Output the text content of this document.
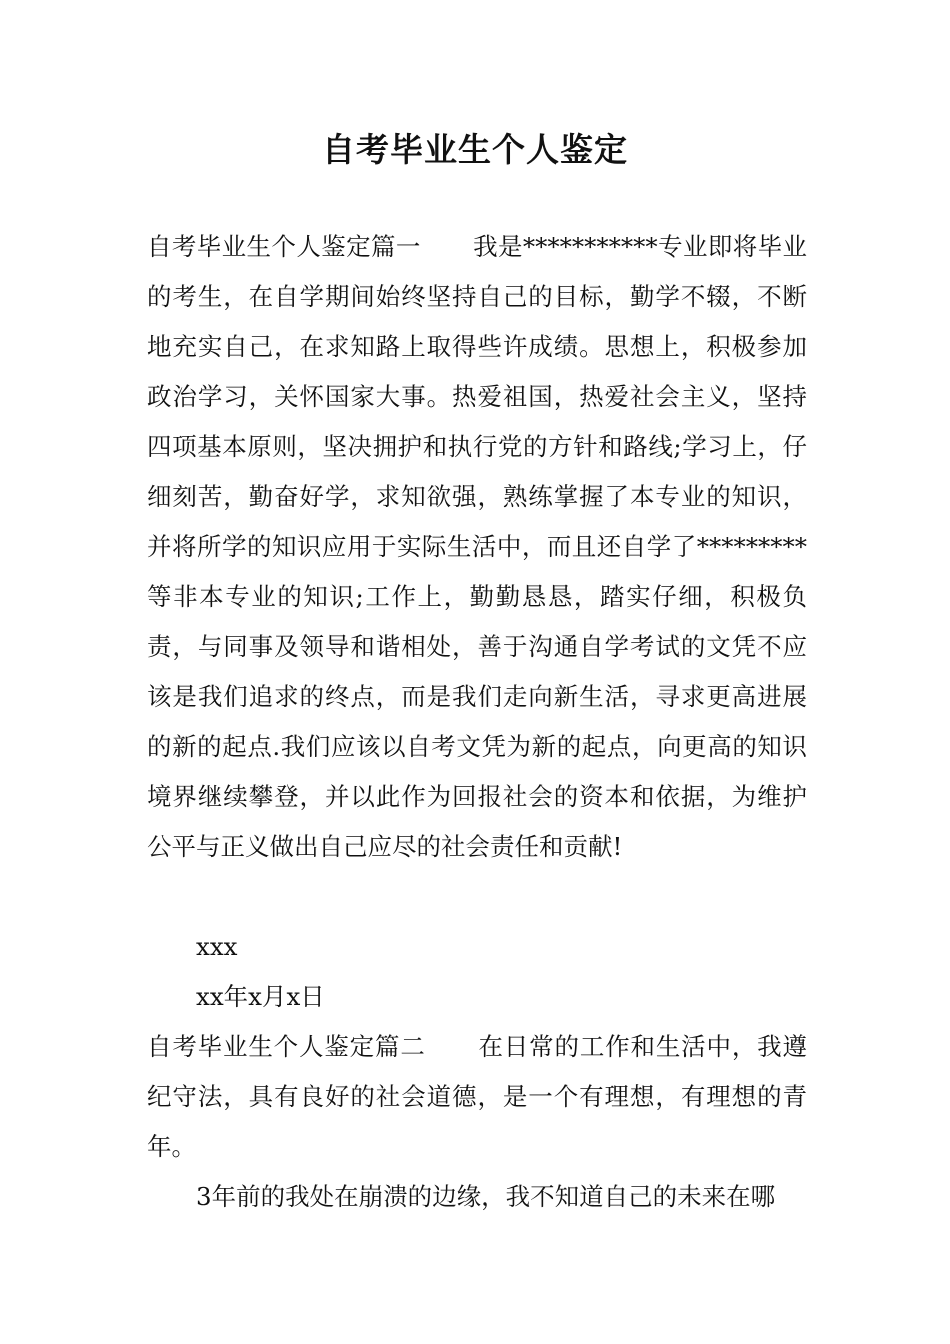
自考毕业生个人鉴定
自考毕业生个人鉴定篇一 我是***********专业即将毕业的考生，在自学期间始终坚持自己的目标，勤学不辍，不断地充实自己，在求知路上取得些许成绩。思想上，积极参加政治学习，关怀国家大事。热爱祖国，热爱社会主义，坚持四项基本原则，坚决拥护和执行党的方针和路线;学习上，仔细刻苦，勤奋好学，求知欲强，熟练掌握了本专业的知识，并将所学的知识应用于实际生活中，而且还自学了*********等非本专业的知识;工作上，勤勤恳恳，踏实仔细，积极负责，与同事及领导和谐相处，善于沟通自学考试的文凭不应该是我们追求的终点，而是我们走向新生活，寻求更高进展的新的起点.我们应该以自考文凭为新的起点，向更高的知识境界继续攀登，并以此作为回报社会的资本和依据，为维护公平与正义做出自己应尽的社会责任和贡献!
xxx
xx年x月x日
自考毕业生个人鉴定篇二 在日常的工作和生活中，我遵纪守法，具有良好的社会道德，是一个有理想，有理想的青年。
3年前的我处在崩溃的边缘，我不知道自己的未来在哪
